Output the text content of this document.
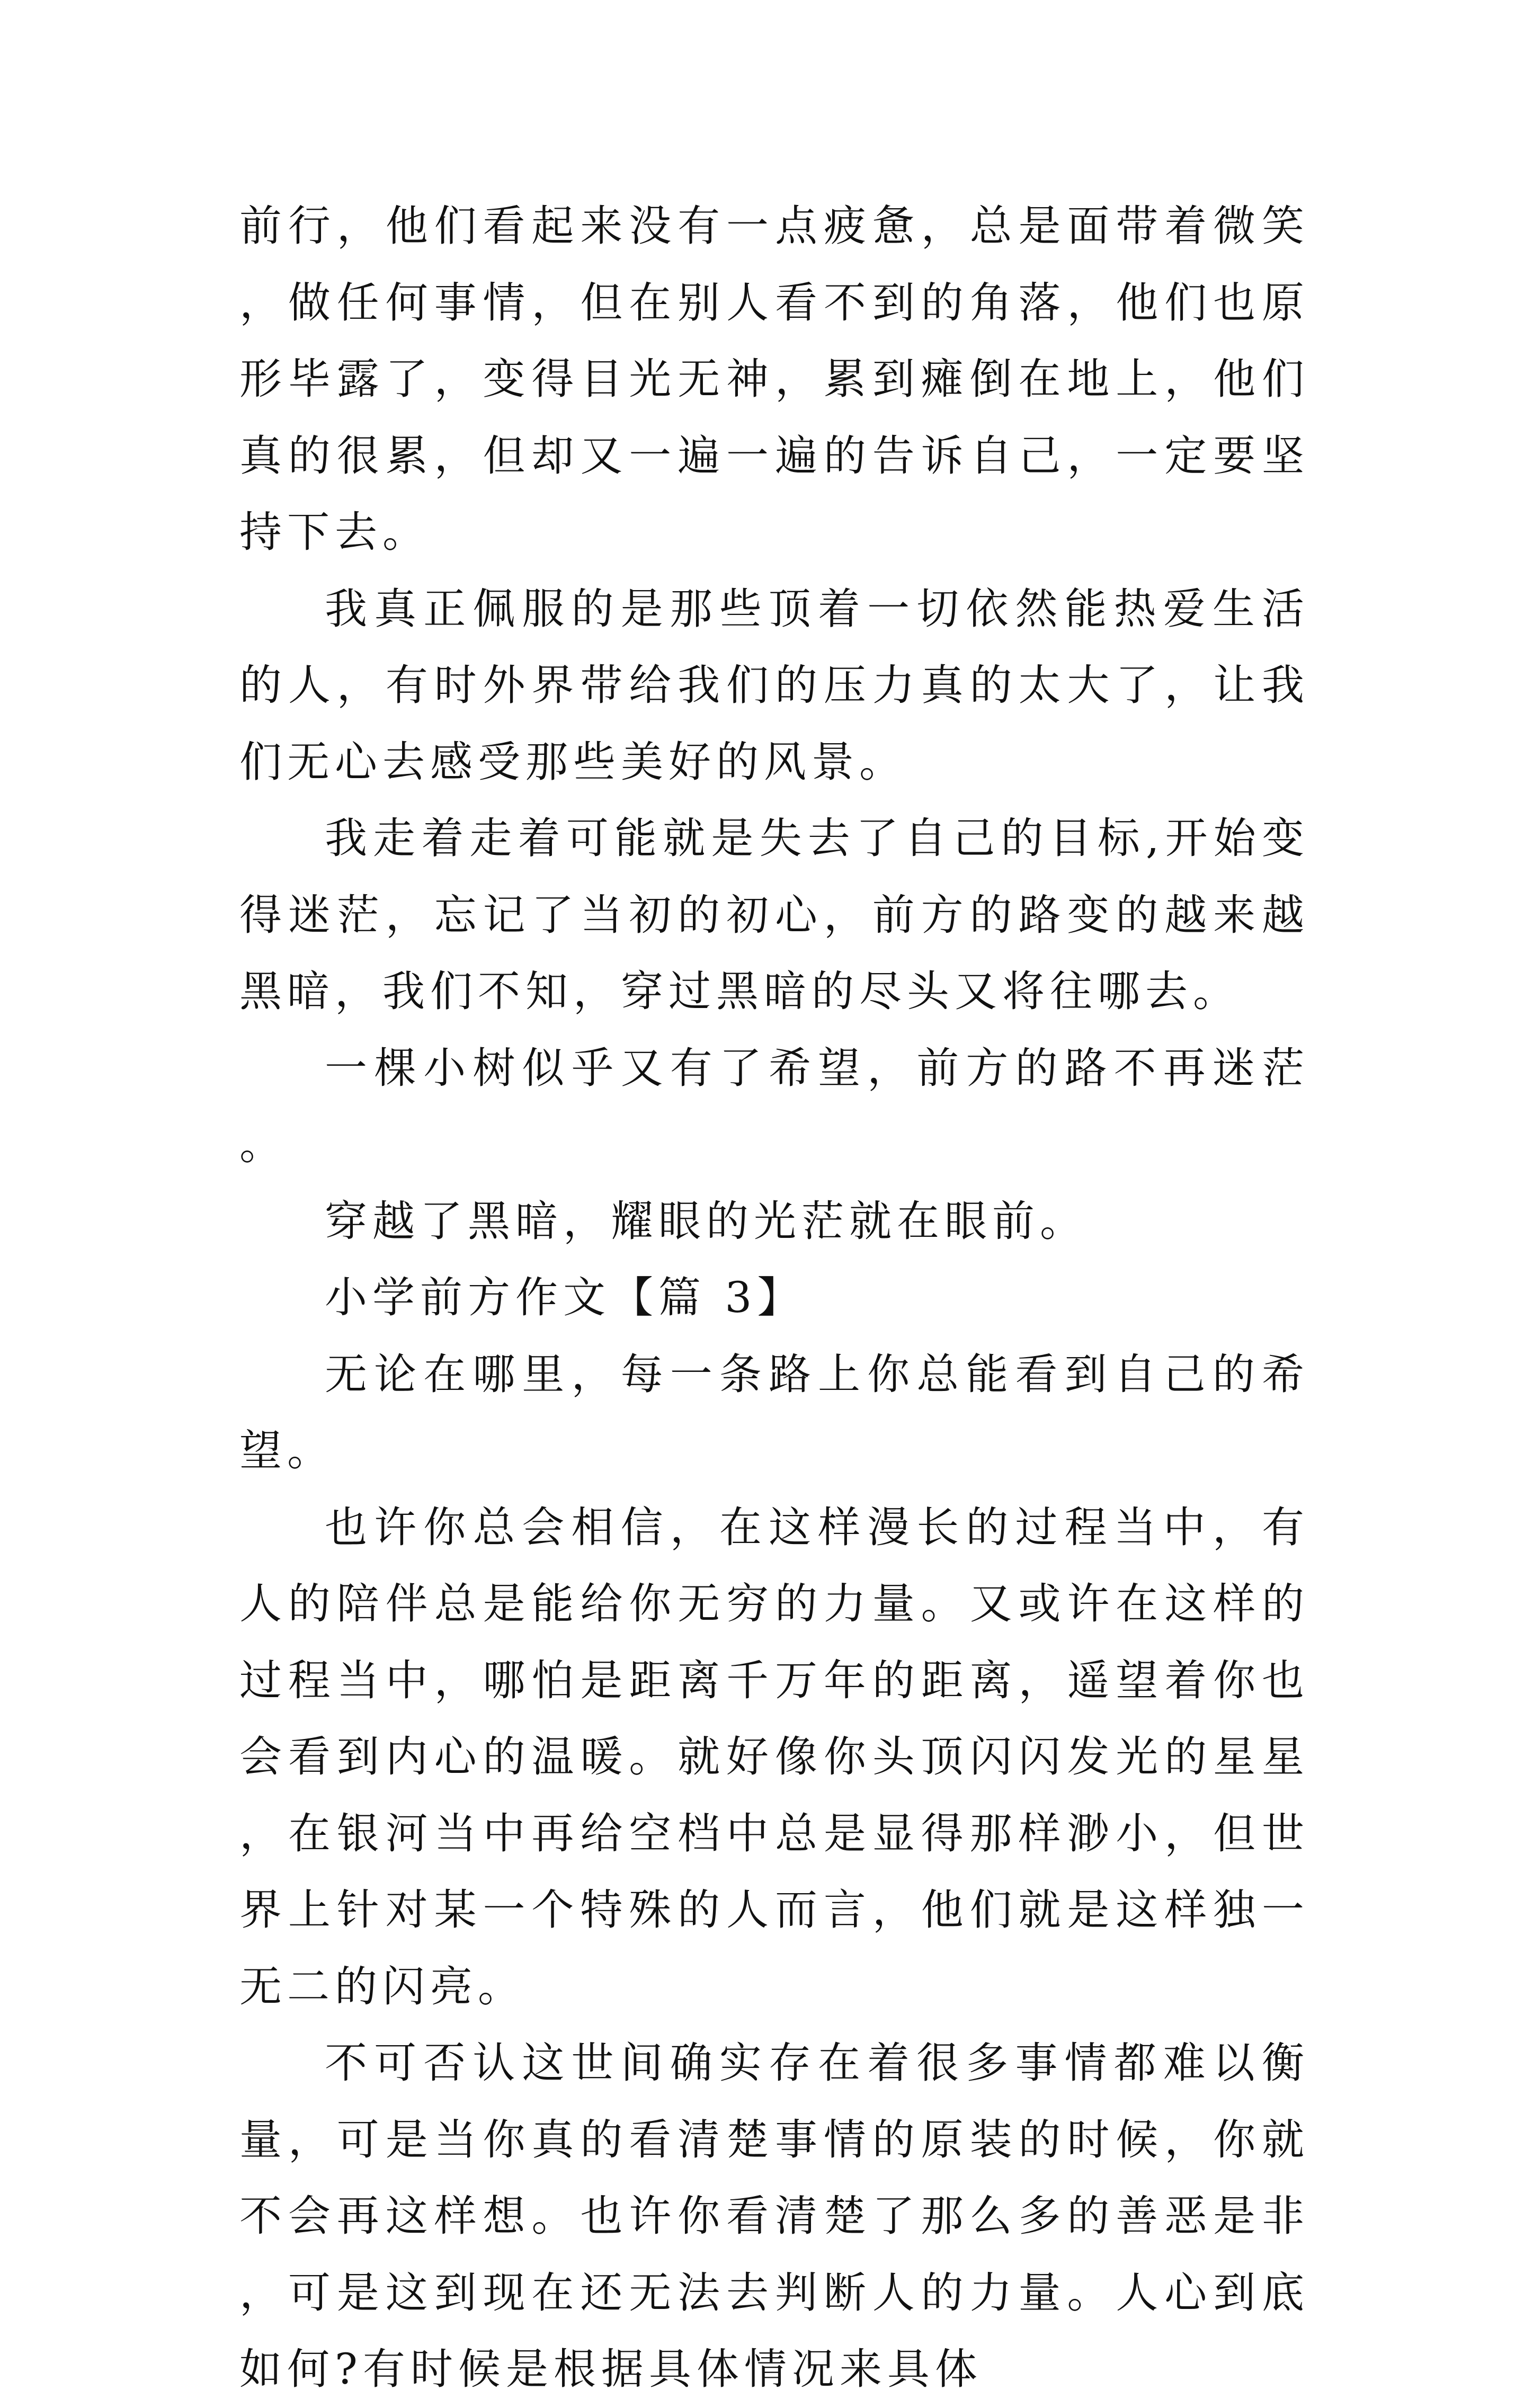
前行，他们看起来没有一点疲惫，总是面带着微笑，做任何事情，但在别人看不到的角落，他们也原形毕露了，变得目光无神，累到瘫倒在地上，他们真的很累，但却又一遍一遍的告诉自己，一定要坚持下去。

我真正佩服的是那些顶着一切依然能热爱生活的人，有时外界带给我们的压力真的太大了，让我们无心去感受那些美好的风景。

我走着走着可能就是失去了自己的目标,开始变得迷茫，忘记了当初的初心，前方的路变的越来越黑暗，我们不知，穿过黑暗的尽头又将往哪去。

一棵小树似乎又有了希望，前方的路不再迷茫。

穿越了黑暗，耀眼的光茫就在眼前。

小学前方作文【篇 3】

无论在哪里，每一条路上你总能看到自己的希望。

也许你总会相信，在这样漫长的过程当中，有人的陪伴总是能给你无穷的力量。又或许在这样的过程当中，哪怕是距离千万年的距离，遥望着你也会看到内心的温暖。就好像你头顶闪闪发光的星星，在银河当中再给空档中总是显得那样渺小，但世界上针对某一个特殊的人而言，他们就是这样独一无二的闪亮。

不可否认这世间确实存在着很多事情都难以衡量，可是当你真的看清楚事情的原装的时候，你就不会再这样想。也许你看清楚了那么多的善恶是非，可是这到现在还无法去判断人的力量。人心到底如何?有时候是根据具体情况来具体
